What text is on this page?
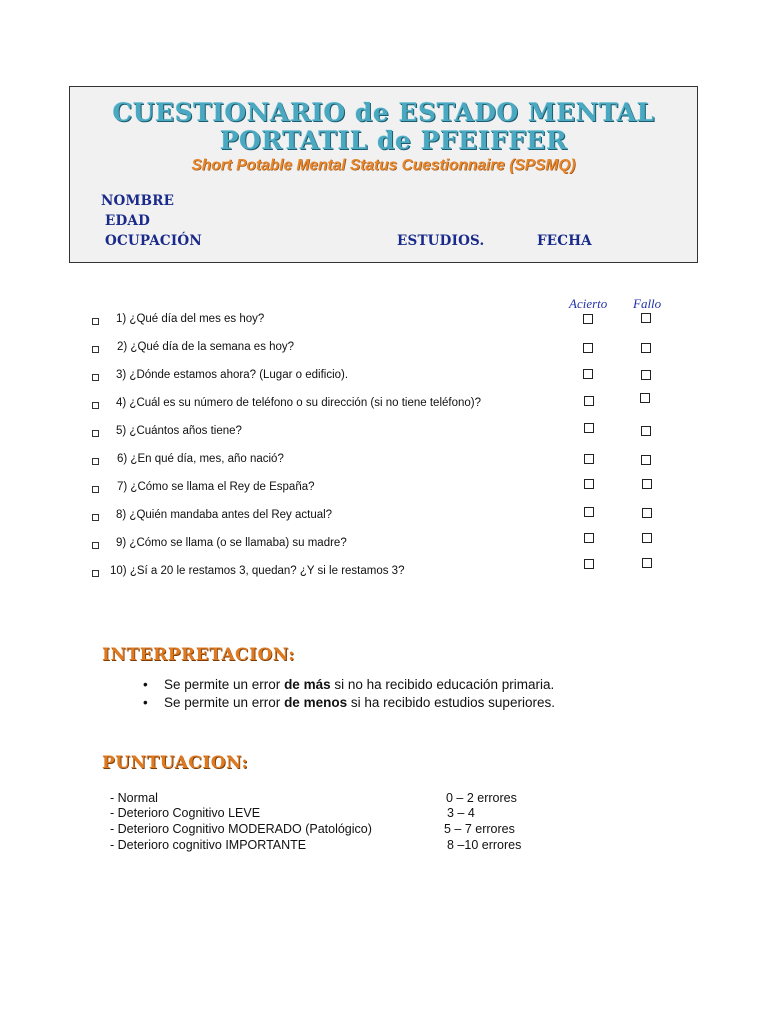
CUESTIONARIO de ESTADO MENTAL
PORTATIL de PFEIFFER
Short Potable Mental Status Cuestionnaire (SPSMQ)
NOMBRE
EDAD
OCUPACIÓN	ESTUDIOS.	FECHA
Acierto Fallo
1) ¿Qué día del mes es hoy?
2) ¿Qué día de la semana es hoy?
3) ¿Dónde estamos ahora? (Lugar o edificio).
4) ¿Cuál es su número de teléfono o su dirección (si no tiene teléfono)?
5) ¿Cuántos años tiene?
6) ¿En qué día, mes, año nació?
7) ¿Cómo se llama el Rey de España?
8) ¿Quién mandaba antes del Rey actual?
9) ¿Cómo se llama (o se llamaba) su madre?
10) ¿Sí a 20 le restamos 3, quedan? ¿Y si le restamos 3?
INTERPRETACION:
• Se permite un error de más si no ha recibido educación primaria.
• Se permite un error de menos si ha recibido estudios superiores.
PUNTUACION:
- Normal	0 – 2 errores
- Deterioro Cognitivo LEVE	3 – 4
- Deterioro Cognitivo MODERADO (Patológico)	5 – 7 errores
- Deterioro cognitivo IMPORTANTE	8 –10 errores
